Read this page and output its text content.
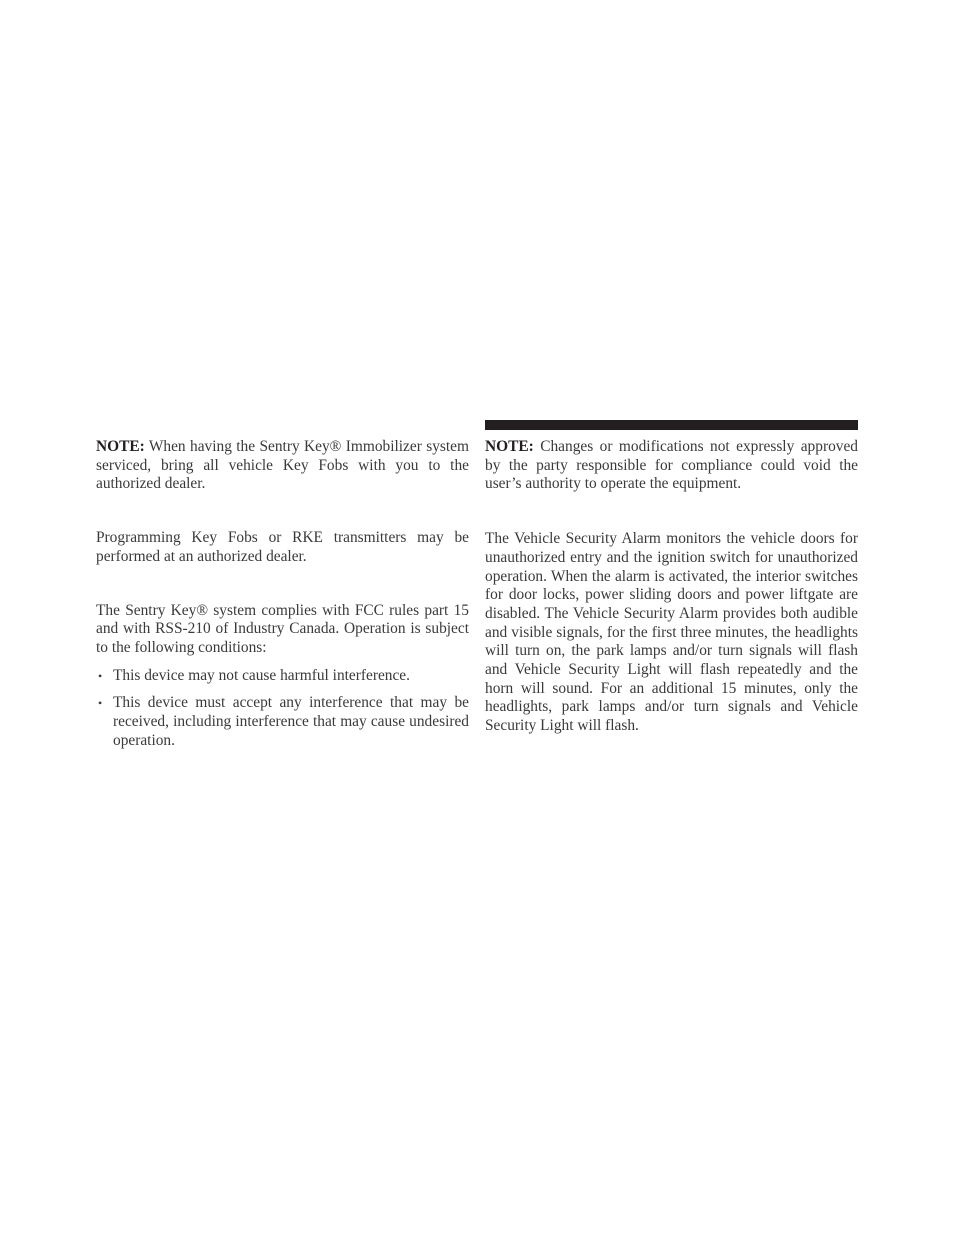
NOTE: When having the Sentry Key® Immobilizer system serviced, bring all vehicle Key Fobs with you to the authorized dealer.

Programming Key Fobs or RKE transmitters may be performed at an authorized dealer.

The Sentry Key® system complies with FCC rules part 15 and with RSS-210 of Industry Canada. Operation is subject to the following conditions:

• This device may not cause harmful interference.
• This device must accept any interference that may be received, including interference that may cause undesired operation.

NOTE: Changes or modifications not expressly approved by the party responsible for compliance could void the user’s authority to operate the equipment.

The Vehicle Security Alarm monitors the vehicle doors for unauthorized entry and the ignition switch for unauthorized operation. When the alarm is activated, the interior switches for door locks, power sliding doors and power liftgate are disabled. The Vehicle Security Alarm provides both audible and visible signals, for the first three minutes, the headlights will turn on, the park lamps and/or turn signals will flash and Vehicle Security Light will flash repeatedly and the horn will sound. For an additional 15 minutes, only the headlights, park lamps and/or turn signals and Vehicle Security Light will flash.
